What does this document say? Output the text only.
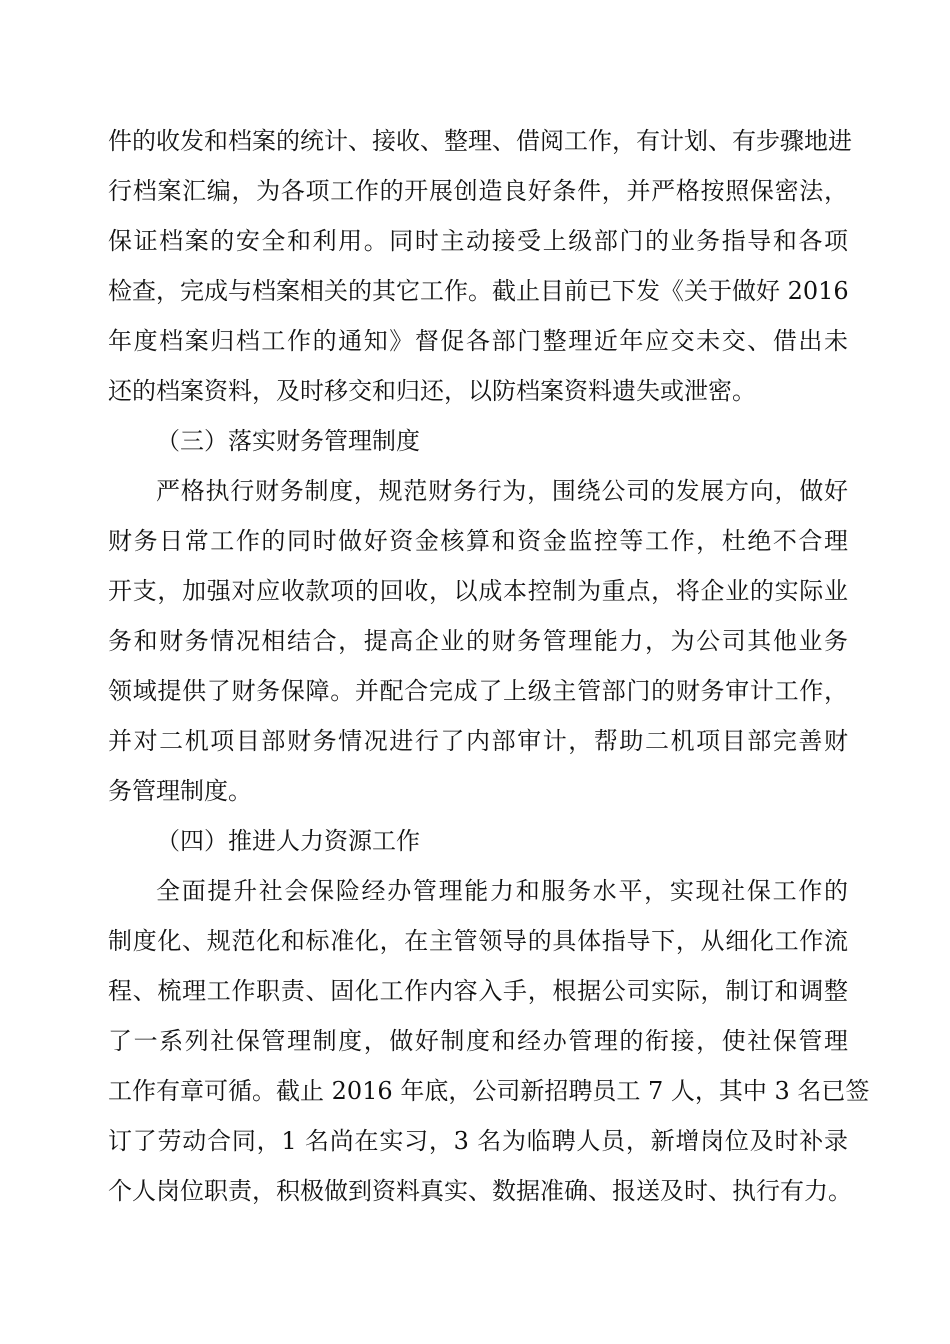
件的收发和档案的统计、接收、整理、借阅工作，有计划、有步骤地进
行档案汇编，为各项工作的开展创造良好条件，并严格按照保密法，
保证档案的安全和利用。同时主动接受上级部门的业务指导和各项
检查，完成与档案相关的其它工作。截止目前已下发《关于做好 2016
年度档案归档工作的通知》督促各部门整理近年应交未交、借出未
还的档案资料，及时移交和归还，以防档案资料遗失或泄密。
（三）落实财务管理制度
严格执行财务制度，规范财务行为，围绕公司的发展方向，做好
财务日常工作的同时做好资金核算和资金监控等工作，杜绝不合理
开支，加强对应收款项的回收，以成本控制为重点，将企业的实际业
务和财务情况相结合，提高企业的财务管理能力，为公司其他业务
领域提供了财务保障。并配合完成了上级主管部门的财务审计工作，
并对二机项目部财务情况进行了内部审计，帮助二机项目部完善财
务管理制度。
（四）推进人力资源工作
全面提升社会保险经办管理能力和服务水平，实现社保工作的
制度化、规范化和标准化，在主管领导的具体指导下，从细化工作流
程、梳理工作职责、固化工作内容入手，根据公司实际，制订和调整
了一系列社保管理制度，做好制度和经办管理的衔接，使社保管理
工作有章可循。截止 2016 年底，公司新招聘员工 7 人，其中 3 名已签
订了劳动合同，1 名尚在实习，3 名为临聘人员，新增岗位及时补录
个人岗位职责，积极做到资料真实、数据准确、报送及时、执行有力。
